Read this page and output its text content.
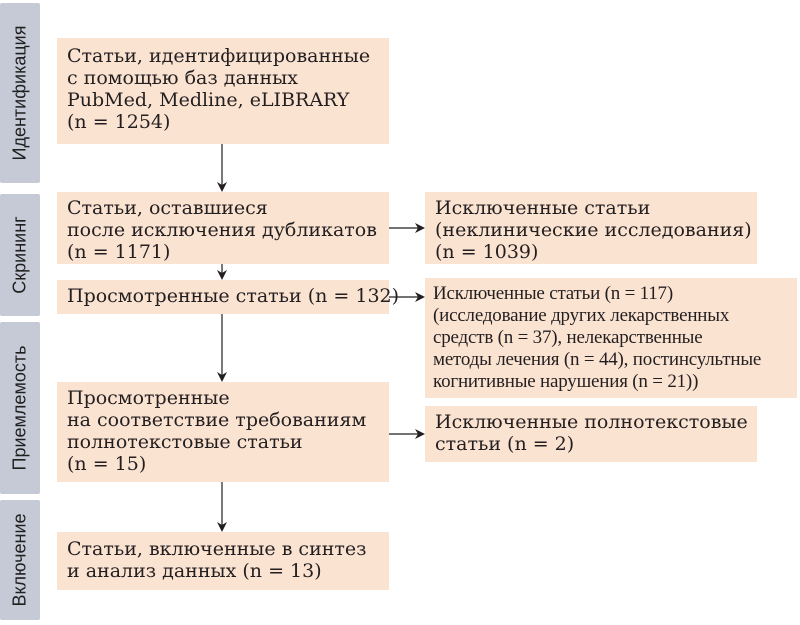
Идентификация
Скрининг
Приемлемость
Включение
Статьи, идентифицированные
с помощью баз данных
PubMed, Medline, eLIBRARY
(n = 1254)
Статьи, оставшиеся
после исключения дубликатов
(n = 1171)
Исключенные статьи
(неклинические исследования)
(n = 1039)
Просмотренные статьи (n = 132) Исключенные статьи (n = 117)
(исследование других лекарственных
средств (n = 37), нелекарственные
методы лечения (n = 44), постинсультные
когнитивные нарушения (n = 21))
Просмотренные
на соответствие требованиям
полнотекстовые статьи
(n = 15)
Исключенные полнотекстовые
статьи (n = 2)
Статьи, включенные в синтез
и анализ данных (n = 13)
